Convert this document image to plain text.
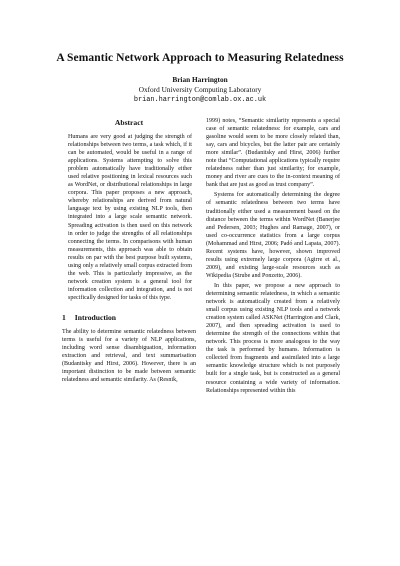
A Semantic Network Approach to Measuring Relatedness
Brian Harrington
Oxford University Computing Laboratory
brian.harrington@comlab.ox.ac.uk
Abstract

Humans are very good at judging the strength of relationships between two terms, a task which, if it can be automated, would be useful in a range of applications. Systems attempting to solve this problem automatically have traditionally either used relative positioning in lexical resources such as WordNet, or distributional relationships in large corpora. This paper proposes a new approach, whereby relationships are derived from natural language text by using existing NLP tools, then integrated into a large scale semantic network. Spreading activation is then used on this network in order to judge the strengths of all relationships connecting the terms. In comparisons with human measurements, this approach was able to obtain results on par with the best purpose built systems, using only a relatively small corpus extracted from the web. This is particularly impressive, as the network creation system is a general tool for information collection and integration, and is not specifically designed for tasks of this type.

1 Introduction

The ability to determine semantic relatedness between terms is useful for a variety of NLP applications, including word sense disambiguation, information extraction and retrieval, and text summarisation (Budanitsky and Hirst, 2006). However, there is an important distinction to be made between semantic relatedness and semantic similarity. As (Resnik,

1999) notes, “Semantic similarity represents a special case of semantic relatedness: for example, cars and gasoline would seem to be more closely related than, say, cars and bicycles, but the latter pair are certainly more similar”. (Budanitsky and Hirst, 2006) further note that “Computational applications typically require relatedness rather than just similarity; for example, money and river are cues to the in-context meaning of bank that are just as good as trust company”.

Systems for automatically determining the degree of semantic relatedness between two terms have traditionally either used a measurement based on the distance between the terms within WordNet (Banerjee and Pedersen, 2003; Hughes and Ramage, 2007), or used co-occurrence statistics from a large corpus (Mohammad and Hirst, 2006; Padó and Lapata, 2007). Recent systems have, however, shown improved results using extremely large corpora (Agirre et al., 2009), and existing large-scale resources such as Wikipedia (Strube and Ponzetto, 2006).

In this paper, we propose a new approach to determining semantic relatedness, in which a semantic network is automatically created from a relatively small corpus using existing NLP tools and a network creation system called ASKNet (Harrington and Clark, 2007), and then spreading activation is used to determine the strength of the connections within that network. This process is more analogous to the way the task is performed by humans. Information is collected from fragments and assimilated into a large semantic knowledge structure which is not purposely built for a single task, but is constructed as a general resource containing a wide variety of information. Relationships represented within this
